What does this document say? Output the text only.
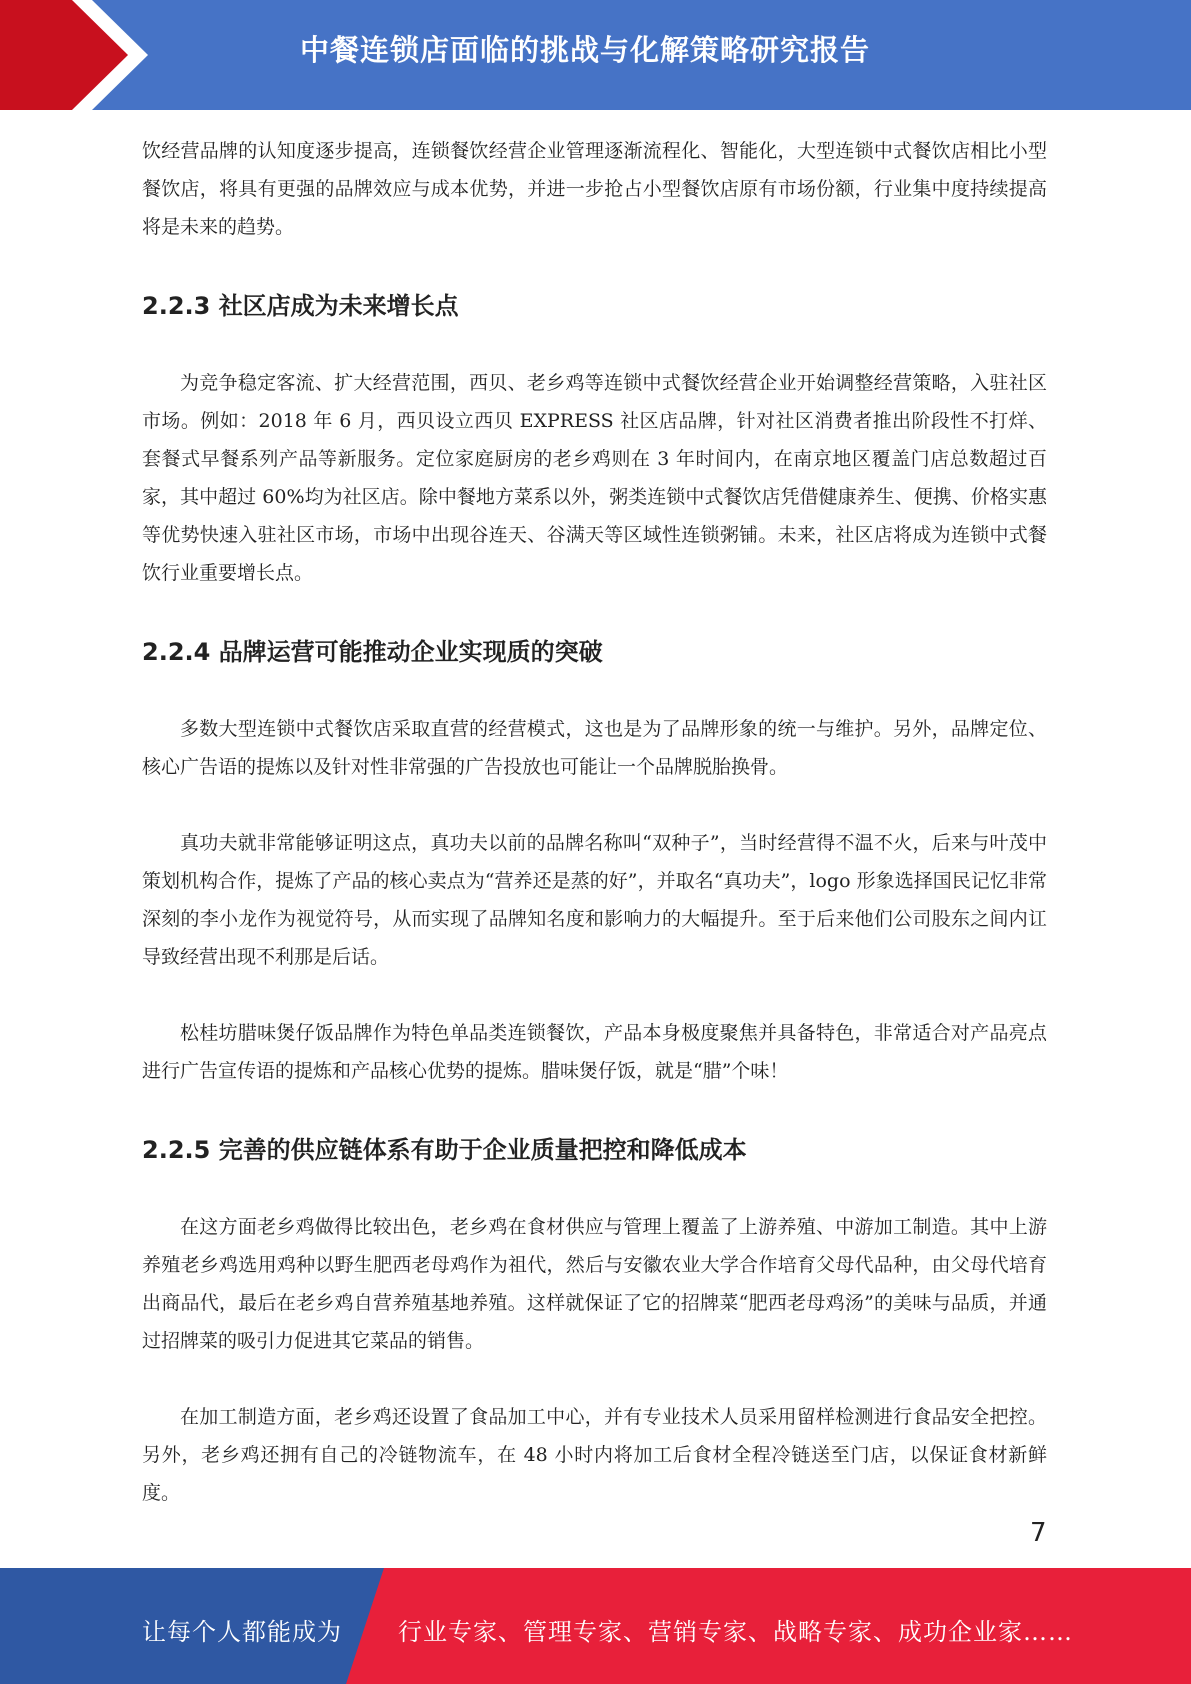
中餐连锁店面临的挑战与化解策略研究报告

饮经营品牌的认知度逐步提高，连锁餐饮经营企业管理逐渐流程化、智能化，大型连锁中式餐饮店相比小型餐饮店，将具有更强的品牌效应与成本优势，并进一步抢占小型餐饮店原有市场份额，行业集中度持续提高将是未来的趋势。

2.2.3 社区店成为未来增长点

为竞争稳定客流、扩大经营范围，西贝、老乡鸡等连锁中式餐饮经营企业开始调整经营策略，入驻社区市场。例如：2018 年 6 月，西贝设立西贝 EXPRESS 社区店品牌，针对社区消费者推出阶段性不打烊、套餐式早餐系列产品等新服务。定位家庭厨房的老乡鸡则在 3 年时间内，在南京地区覆盖门店总数超过百家，其中超过 60%均为社区店。除中餐地方菜系以外，粥类连锁中式餐饮店凭借健康养生、便携、价格实惠等优势快速入驻社区市场，市场中出现谷连天、谷满天等区域性连锁粥铺。未来，社区店将成为连锁中式餐饮行业重要增长点。

2.2.4 品牌运营可能推动企业实现质的突破

多数大型连锁中式餐饮店采取直营的经营模式，这也是为了品牌形象的统一与维护。另外，品牌定位、核心广告语的提炼以及针对性非常强的广告投放也可能让一个品牌脱胎换骨。

真功夫就非常能够证明这点，真功夫以前的品牌名称叫“双种子”，当时经营得不温不火，后来与叶茂中策划机构合作，提炼了产品的核心卖点为“营养还是蒸的好”，并取名“真功夫”，logo 形象选择国民记忆非常深刻的李小龙作为视觉符号，从而实现了品牌知名度和影响力的大幅提升。至于后来他们公司股东之间内讧导致经营出现不利那是后话。

松桂坊腊味煲仔饭品牌作为特色单品类连锁餐饮，产品本身极度聚焦并具备特色，非常适合对产品亮点进行广告宣传语的提炼和产品核心优势的提炼。腊味煲仔饭，就是“腊”个味！

2.2.5 完善的供应链体系有助于企业质量把控和降低成本

在这方面老乡鸡做得比较出色，老乡鸡在食材供应与管理上覆盖了上游养殖、中游加工制造。其中上游养殖老乡鸡选用鸡种以野生肥西老母鸡作为祖代，然后与安徽农业大学合作培育父母代品种，由父母代培育出商品代，最后在老乡鸡自营养殖基地养殖。这样就保证了它的招牌菜“肥西老母鸡汤”的美味与品质，并通过招牌菜的吸引力促进其它菜品的销售。

在加工制造方面，老乡鸡还设置了食品加工中心，并有专业技术人员采用留样检测进行食品安全把控。另外，老乡鸡还拥有自己的冷链物流车，在 48 小时内将加工后食材全程冷链送至门店，以保证食材新鲜度。

7
让每个人都能成为 行业专家、管理专家、营销专家、战略专家、成功企业家……
